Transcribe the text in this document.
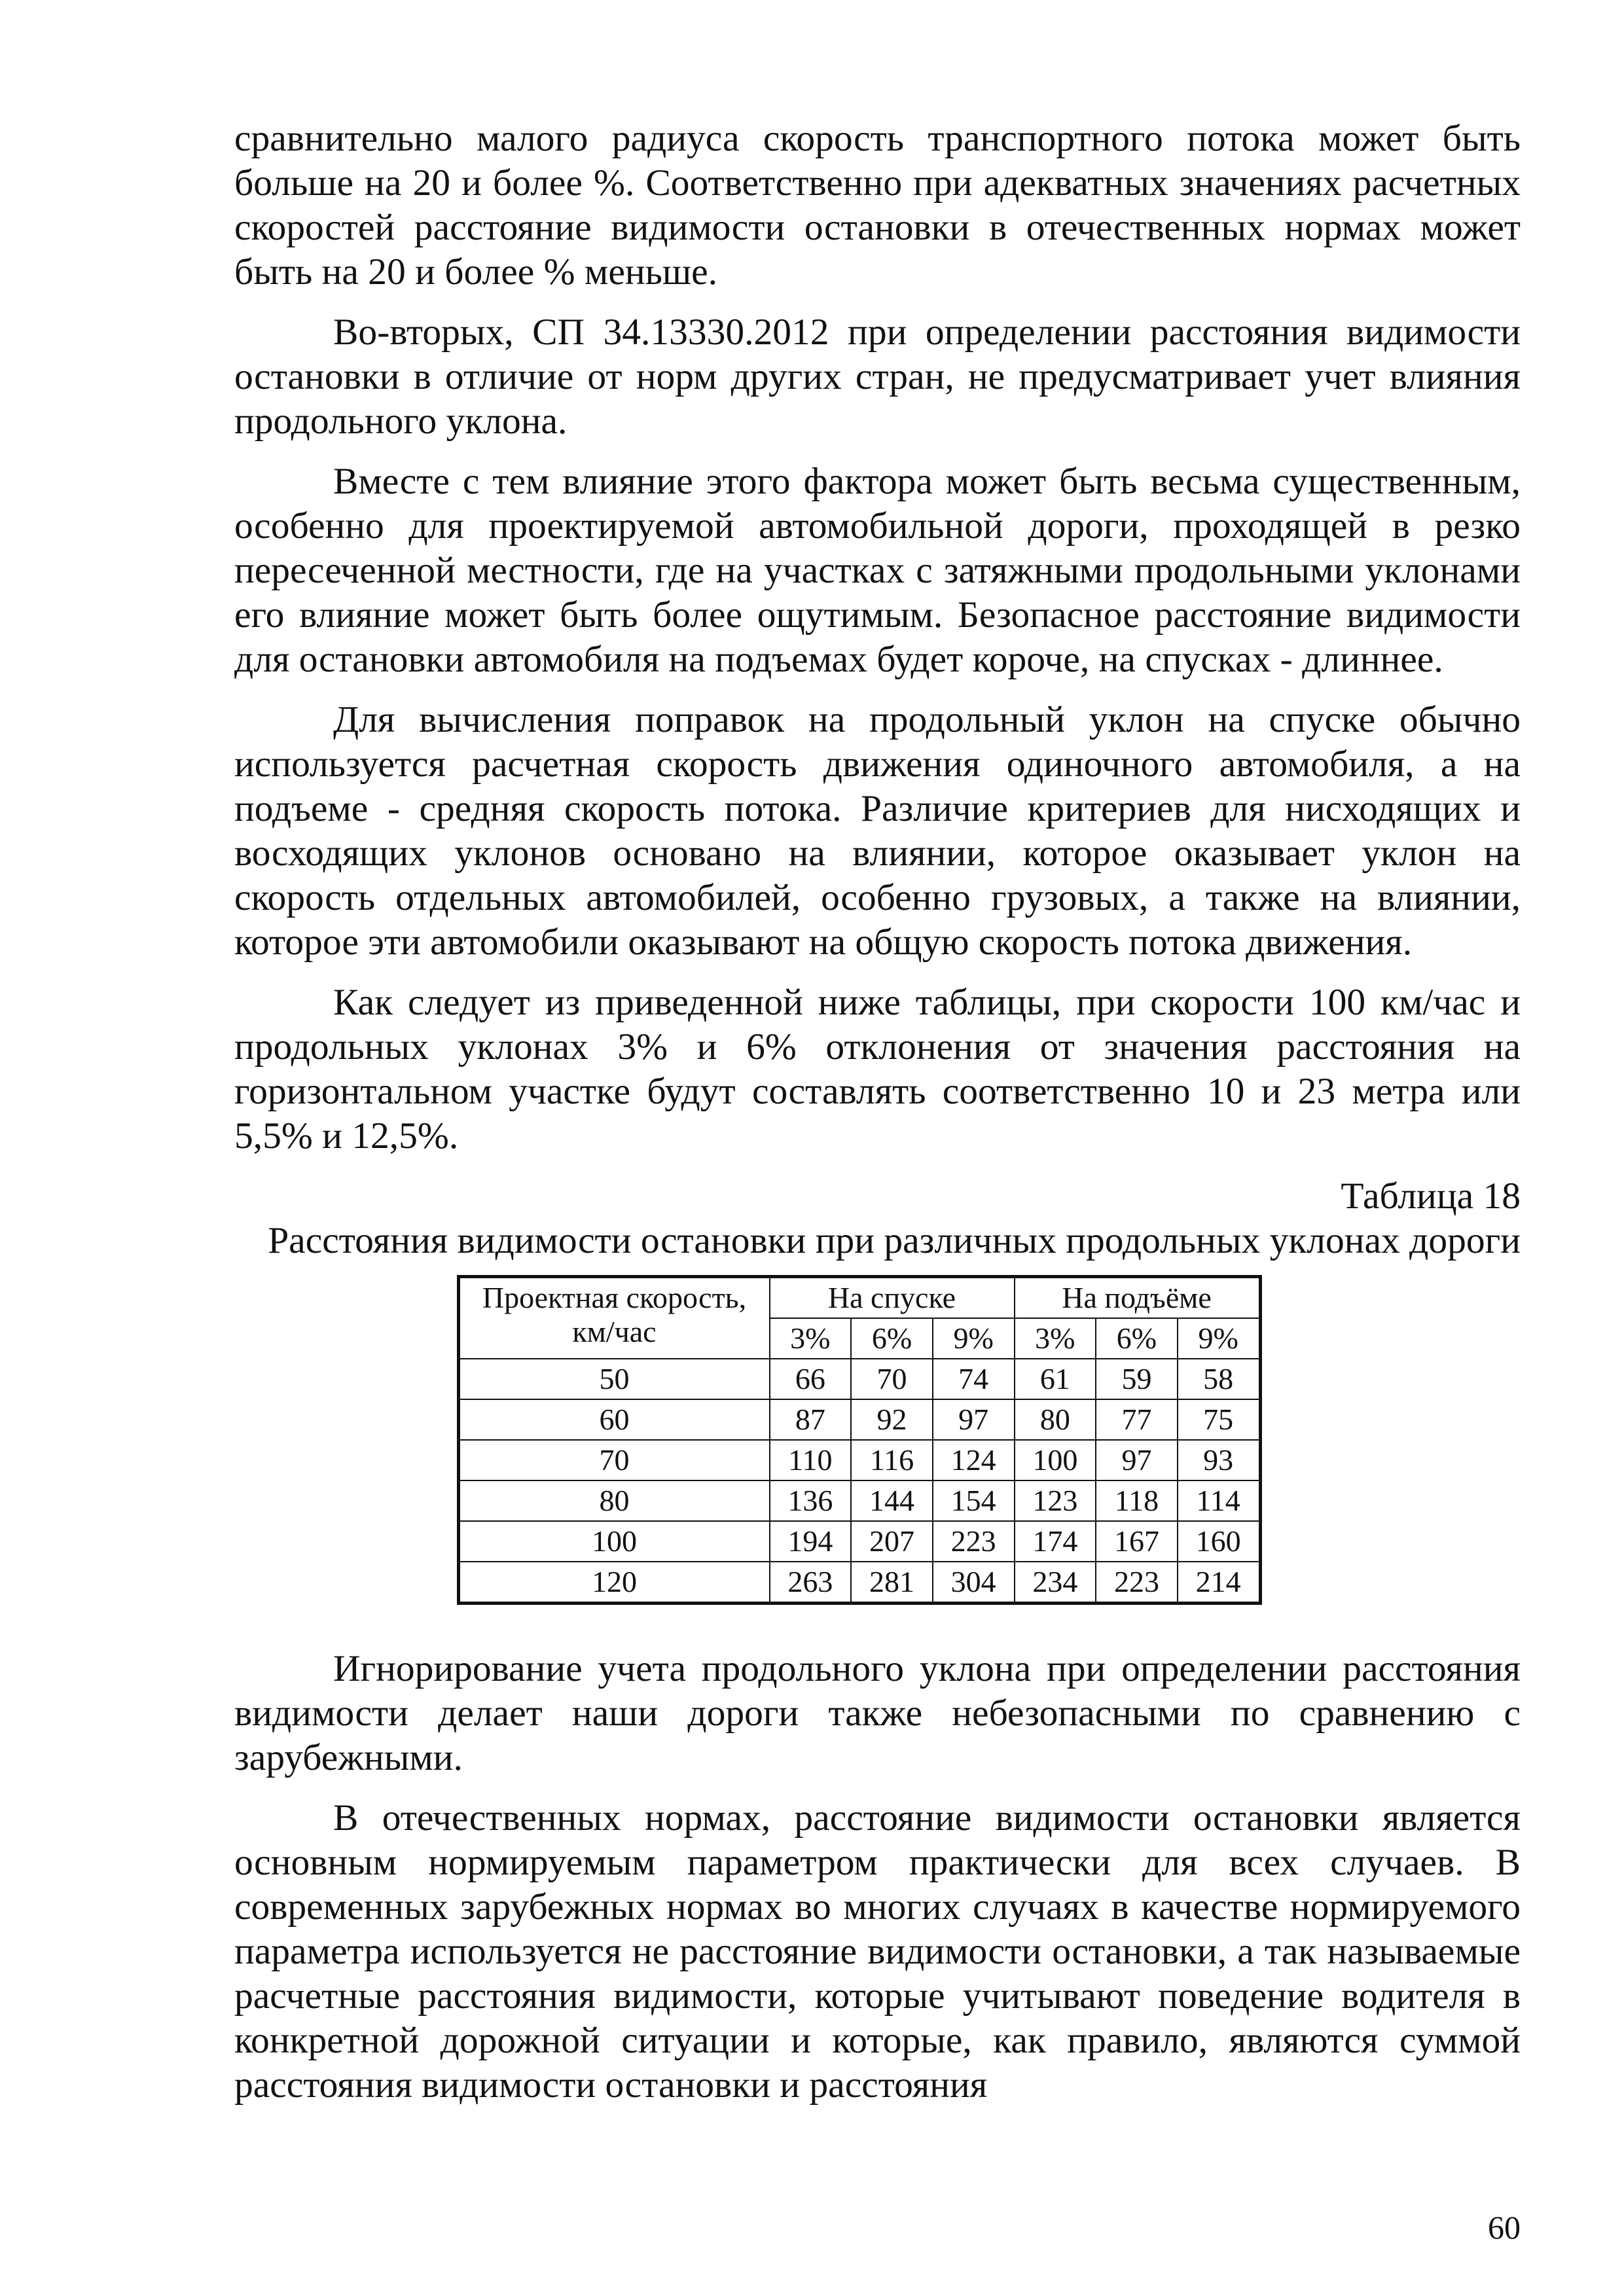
сравнительно малого радиуса скорость транспортного потока может быть больше на 20 и более %. Соответственно при адекватных значениях расчетных скоростей расстояние видимости остановки в отечественных нормах может быть на 20 и более % меньше.

Во-вторых, СП 34.13330.2012 при определении расстояния видимости остановки в отличие от норм других стран, не предусматривает учет влияния продольного уклона.

Вместе с тем влияние этого фактора может быть весьма существенным, особенно для проектируемой автомобильной дороги, проходящей в резко пересеченной местности, где на участках с затяжными продольными уклонами его влияние может быть более ощутимым. Безопасное расстояние видимости для остановки автомобиля на подъемах будет короче, на спусках - длиннее.

Для вычисления поправок на продольный уклон на спуске обычно используется расчетная скорость движения одиночного автомобиля, а на подъеме - средняя скорость потока. Различие критериев для нисходящих и восходящих уклонов основано на влиянии, которое оказывает уклон на скорость отдельных автомобилей, особенно грузовых, а также на влиянии, которое эти автомобили оказывают на общую скорость потока движения.

Как следует из приведенной ниже таблицы, при скорости 100 км/час и продольных уклонах 3% и 6% отклонения от значения расстояния на горизонтальном участке будут составлять соответственно 10 и 23 метра или 5,5% и 12,5%.

Таблица 18

Расстояния видимости остановки при различных продольных уклонах дороги

Проектная скорость, км/час	На спуске			На подъёме		
	3%	6%	9%	3%	6%	9%
50	66	70	74	61	59	58
60	87	92	97	80	77	75
70	110	116	124	100	97	93
80	136	144	154	123	118	114
100	194	207	223	174	167	160
120	263	281	304	234	223	214

Игнорирование учета продольного уклона при определении расстояния видимости делает наши дороги также небезопасными по сравнению с зарубежными.

В отечественных нормах, расстояние видимости остановки является основным нормируемым параметром практически для всех случаев. В современных зарубежных нормах во многих случаях в качестве нормируемого параметра используется не расстояние видимости остановки, а так называемые расчетные расстояния видимости, которые учитывают поведение водителя в конкретной дорожной ситуации и которые, как правило, являются суммой расстояния видимости остановки и расстояния

60
